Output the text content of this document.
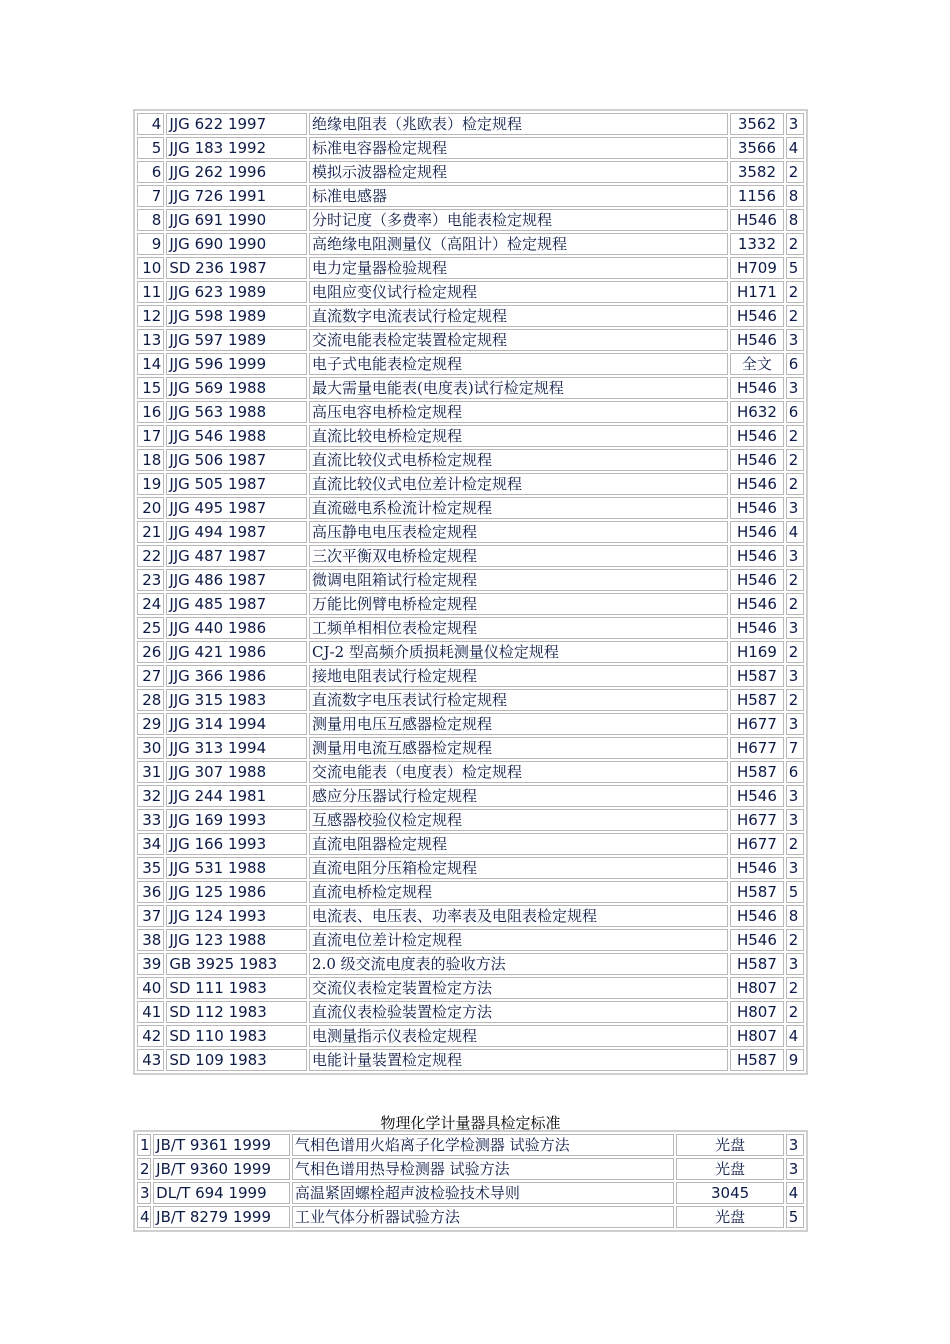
4	JJG 622 1997	绝缘电阻表（兆欧表）检定规程	3562	3
5	JJG 183 1992	标准电容器检定规程	3566	4
6	JJG 262 1996	模拟示波器检定规程	3582	2
7	JJG 726 1991	标准电感器	1156	8
8	JJG 691 1990	分时记度（多费率）电能表检定规程	H546	8
9	JJG 690 1990	高绝缘电阻测量仪（高阻计）检定规程	1332	2
10	SD 236 1987	电力定量器检验规程	H709	5
11	JJG 623 1989	电阻应变仪试行检定规程	H171	2
12	JJG 598 1989	直流数字电流表试行检定规程	H546	2
13	JJG 597 1989	交流电能表检定装置检定规程	H546	3
14	JJG 596 1999	电子式电能表检定规程	全文	6
15	JJG 569 1988	最大需量电能表(电度表)试行检定规程	H546	3
16	JJG 563 1988	高压电容电桥检定规程	H632	6
17	JJG 546 1988	直流比较电桥检定规程	H546	2
18	JJG 506 1987	直流比较仪式电桥检定规程	H546	2
19	JJG 505 1987	直流比较仪式电位差计检定规程	H546	2
20	JJG 495 1987	直流磁电系检流计检定规程	H546	3
21	JJG 494 1987	高压静电电压表检定规程	H546	4
22	JJG 487 1987	三次平衡双电桥检定规程	H546	3
23	JJG 486 1987	微调电阻箱试行检定规程	H546	2
24	JJG 485 1987	万能比例臂电桥检定规程	H546	2
25	JJG 440 1986	工频单相相位表检定规程	H546	3
26	JJG 421 1986	CJ-2 型高频介质损耗测量仪检定规程	H169	2
27	JJG 366 1986	接地电阻表试行检定规程	H587	3
28	JJG 315 1983	直流数字电压表试行检定规程	H587	2
29	JJG 314 1994	测量用电压互感器检定规程	H677	3
30	JJG 313 1994	测量用电流互感器检定规程	H677	7
31	JJG 307 1988	交流电能表（电度表）检定规程	H587	6
32	JJG 244 1981	感应分压器试行检定规程	H546	3
33	JJG 169 1993	互感器校验仪检定规程	H677	3
34	JJG 166 1993	直流电阻器检定规程	H677	2
35	JJG 531 1988	直流电阻分压箱检定规程	H546	3
36	JJG 125 1986	直流电桥检定规程	H587	5
37	JJG 124 1993	电流表、电压表、功率表及电阻表检定规程	H546	8
38	JJG 123 1988	直流电位差计检定规程	H546	2
39	GB 3925 1983	2.0 级交流电度表的验收方法	H587	3
40	SD 111 1983	交流仪表检定装置检定方法	H807	2
41	SD 112 1983	直流仪表检验装置检定方法	H807	2
42	SD 110 1983	电测量指示仪表检定规程	H807	4
43	SD 109 1983	电能计量装置检定规程	H587	9
物理化学计量器具检定标准
1	JB/T 9361 1999	气相色谱用火焰离子化学检测器 试验方法	光盘	3
2	JB/T 9360 1999	气相色谱用热导检测器 试验方法	光盘	3
3	DL/T 694 1999	高温紧固螺栓超声波检验技术导则	3045	4
4	JB/T 8279 1999	工业气体分析器试验方法	光盘	5
